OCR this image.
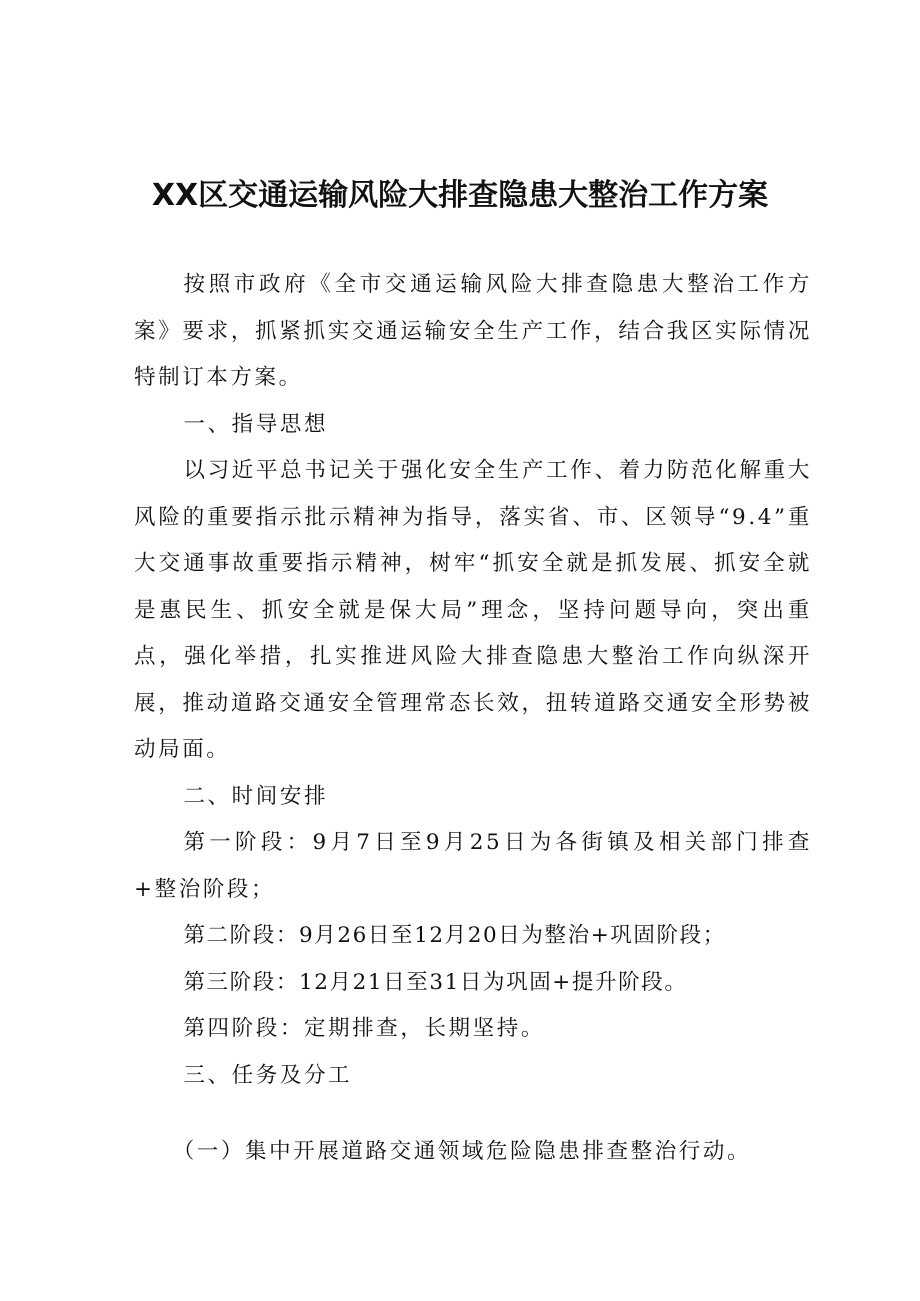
XX区交通运输风险大排查隐患大整治工作方案

按照市政府《全市交通运输风险大排查隐患大整治工作方案》要求，抓紧抓实交通运输安全生产工作，结合我区实际情况特制订本方案。

一、指导思想

以习近平总书记关于强化安全生产工作、着力防范化解重大风险的重要指示批示精神为指导，落实省、市、区领导“9.4”重大交通事故重要指示精神，树牢“抓安全就是抓发展、抓安全就是惠民生、抓安全就是保大局”理念，坚持问题导向，突出重点，强化举措，扎实推进风险大排查隐患大整治工作向纵深开展，推动道路交通安全管理常态长效，扭转道路交通安全形势被动局面。

二、时间安排

第一阶段：9月7日至9月25日为各街镇及相关部门排查+整治阶段；

第二阶段：9月26日至12月20日为整治+巩固阶段；

第三阶段：12月21日至31日为巩固+提升阶段。

第四阶段：定期排查，长期坚持。

三、任务及分工

（一）集中开展道路交通领域危险隐患排查整治行动。
